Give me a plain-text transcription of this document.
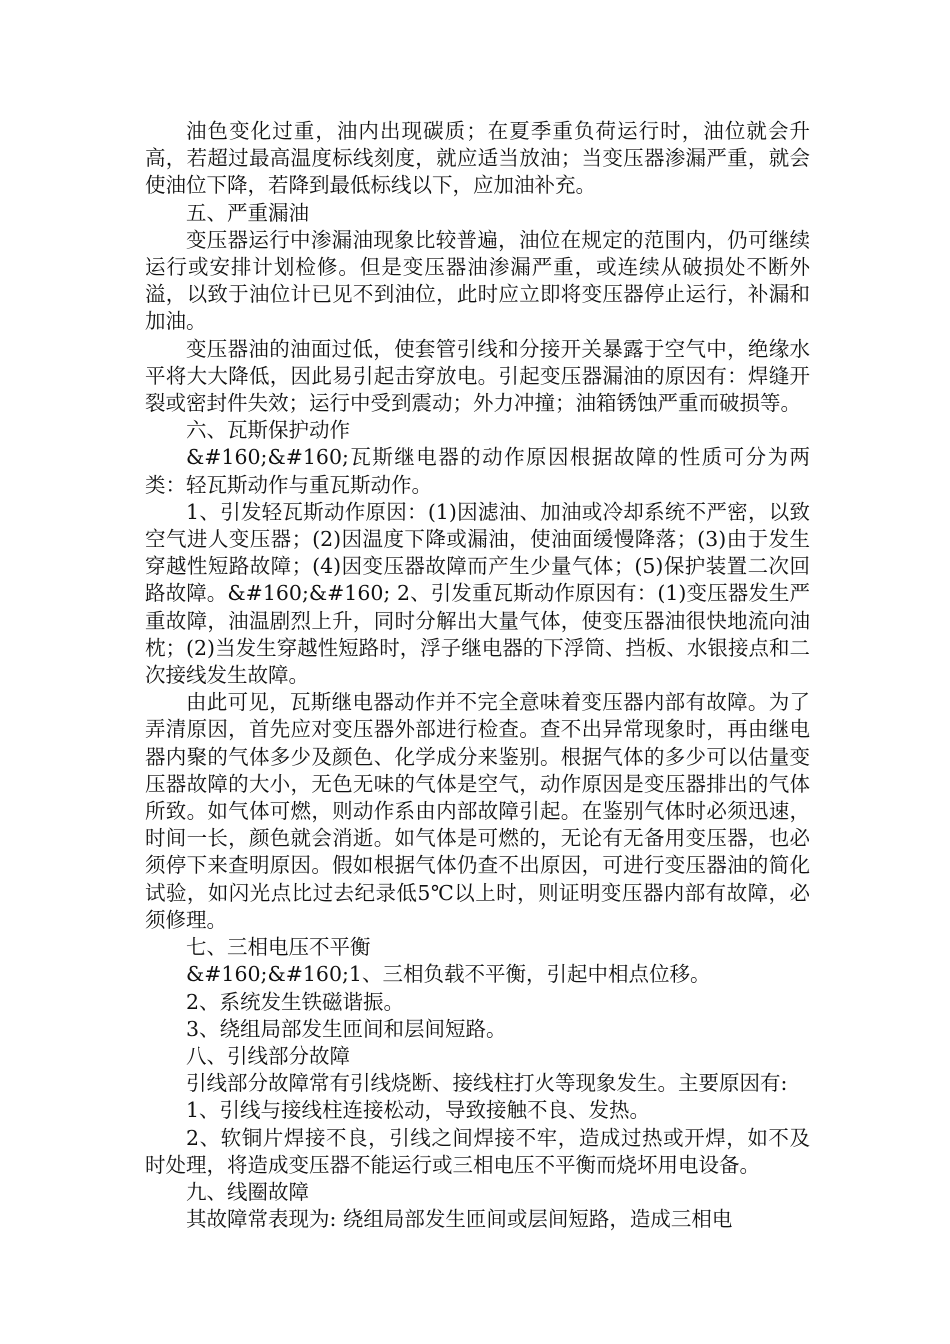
油色变化过重，油内出现碳质；在夏季重负荷运行时，油位就会升高，若超过最高温度标线刻度，就应适当放油；当变压器渗漏严重，就会使油位下降，若降到最低标线以下，应加油补充。

五、严重漏油

变压器运行中渗漏油现象比较普遍，油位在规定的范围内，仍可继续运行或安排计划检修。但是变压器油渗漏严重，或连续从破损处不断外溢，以致于油位计已见不到油位，此时应立即将变压器停止运行，补漏和加油。

变压器油的油面过低，使套管引线和分接开关暴露于空气中，绝缘水平将大大降低，因此易引起击穿放电。引起变压器漏油的原因有：焊缝开裂或密封件失效；运行中受到震动；外力冲撞；油箱锈蚀严重而破损等。

六、瓦斯保护动作

&#160;&#160;瓦斯继电器的动作原因根据故障的性质可分为两类：轻瓦斯动作与重瓦斯动作。

1、引发轻瓦斯动作原因：(1)因滤油、加油或冷却系统不严密，以致空气进人变压器；(2)因温度下降或漏油，使油面缓慢降落；(3)由于发生穿越性短路故障；(4)因变压器故障而产生少量气体；(5)保护装置二次回路故障。&#160;&#160; 2、引发重瓦斯动作原因有：(1)变压器发生严重故障，油温剧烈上升，同时分解出大量气体，使变压器油很快地流向油枕；(2)当发生穿越性短路时，浮子继电器的下浮筒、挡板、水银接点和二次接线发生故障。

由此可见，瓦斯继电器动作并不完全意味着变压器内部有故障。为了弄清原因，首先应对变压器外部进行检查。查不出异常现象时，再由继电器内聚的气体多少及颜色、化学成分来鉴别。根据气体的多少可以估量变压器故障的大小，无色无味的气体是空气，动作原因是变压器排出的气体所致。如气体可燃，则动作系由内部故障引起。在鉴别气体时必须迅速，时间一长，颜色就会消逝。如气体是可燃的，无论有无备用变压器，也必须停下来查明原因。假如根据气体仍查不出原因，可进行变压器油的简化试验，如闪光点比过去纪录低5℃以上时，则证明变压器内部有故障，必须修理。

七、三相电压不平衡

&#160;&#160;1、三相负载不平衡，引起中相点位移。

2、系统发生铁磁谐振。

3、绕组局部发生匝间和层间短路。

八、引线部分故障

引线部分故障常有引线烧断、接线柱打火等现象发生。主要原因有:

1、引线与接线柱连接松动，导致接触不良、发热。

2、软铜片焊接不良，引线之间焊接不牢，造成过热或开焊，如不及时处理，将造成变压器不能运行或三相电压不平衡而烧坏用电设备。

九、线圈故障

其故障常表现为: 绕组局部发生匝间或层间短路，造成三相电
